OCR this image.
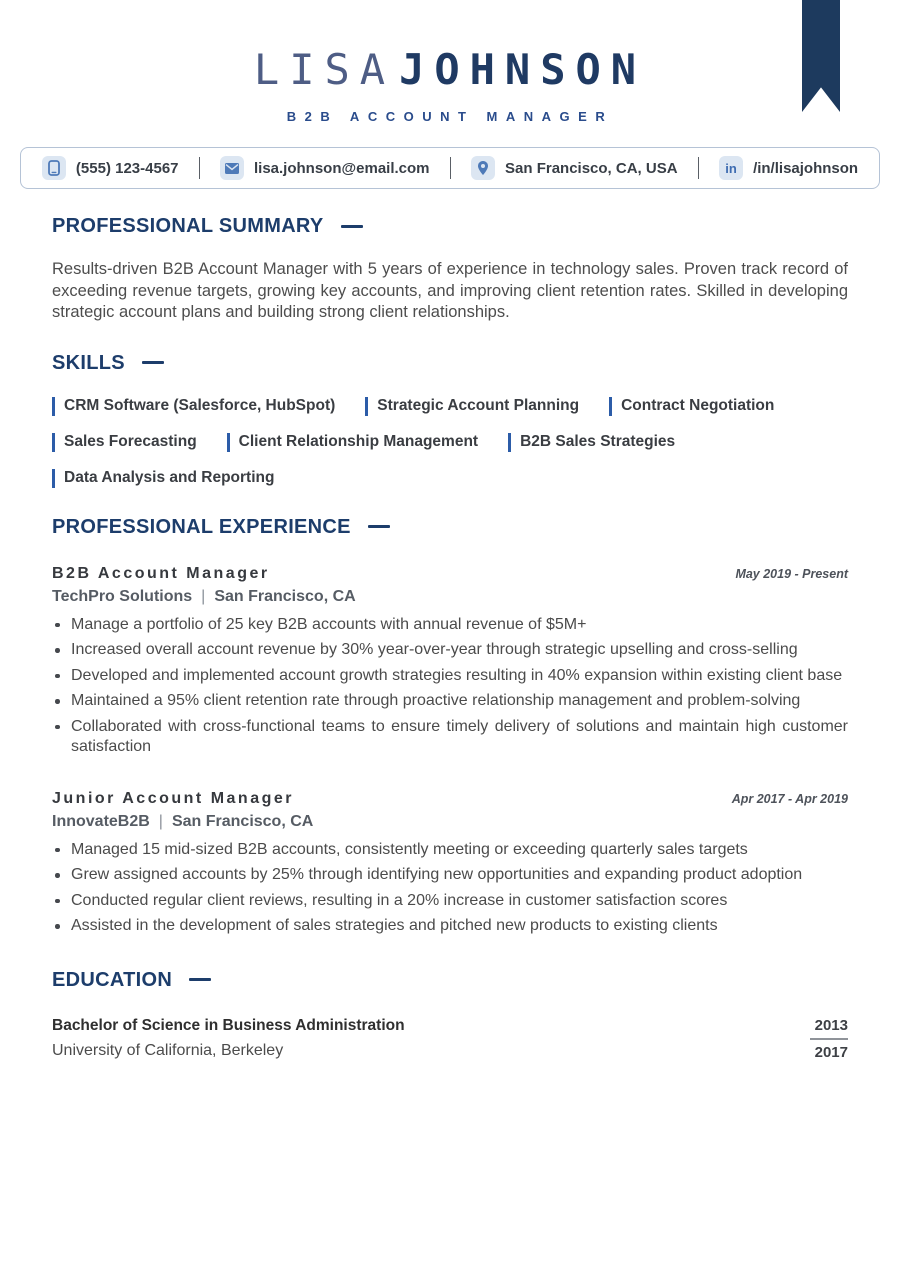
LISAJOHNSON
B2B ACCOUNT MANAGER
(555) 123-4567	lisa.johnson@email.com	San Francisco, CA, USA	in /in/lisajohnson
PROFESSIONAL SUMMARY

Results-driven B2B Account Manager with 5 years of experience in technology sales. Proven track record of exceeding revenue targets, growing key accounts, and improving client retention rates. Skilled in developing strategic account plans and building strong client relationships.

SKILLS
CRM Software (Salesforce, HubSpot)	Strategic Account Planning	Contract Negotiation
Sales Forecasting	Client Relationship Management	B2B Sales Strategies
Data Analysis and Reporting
PROFESSIONAL EXPERIENCE
B2B Account Manager	May 2019 - Present
TechPro Solutions | San Francisco, CA
Manage a portfolio of 25 key B2B accounts with annual revenue of $5M+
Increased overall account revenue by 30% year-over-year through strategic upselling and cross-selling
Developed and implemented account growth strategies resulting in 40% expansion within existing client base
Maintained a 95% client retention rate through proactive relationship management and problem-solving
Collaborated with cross-functional teams to ensure timely delivery of solutions and maintain high customer satisfaction
Junior Account Manager	Apr 2017 - Apr 2019
InnovateB2B | San Francisco, CA
Managed 15 mid-sized B2B accounts, consistently meeting or exceeding quarterly sales targets
Grew assigned accounts by 25% through identifying new opportunities and expanding product adoption
Conducted regular client reviews, resulting in a 20% increase in customer satisfaction scores
Assisted in the development of sales strategies and pitched new products to existing clients
EDUCATION
Bachelor of Science in Business Administration
University of California, Berkeley
2013
2017
